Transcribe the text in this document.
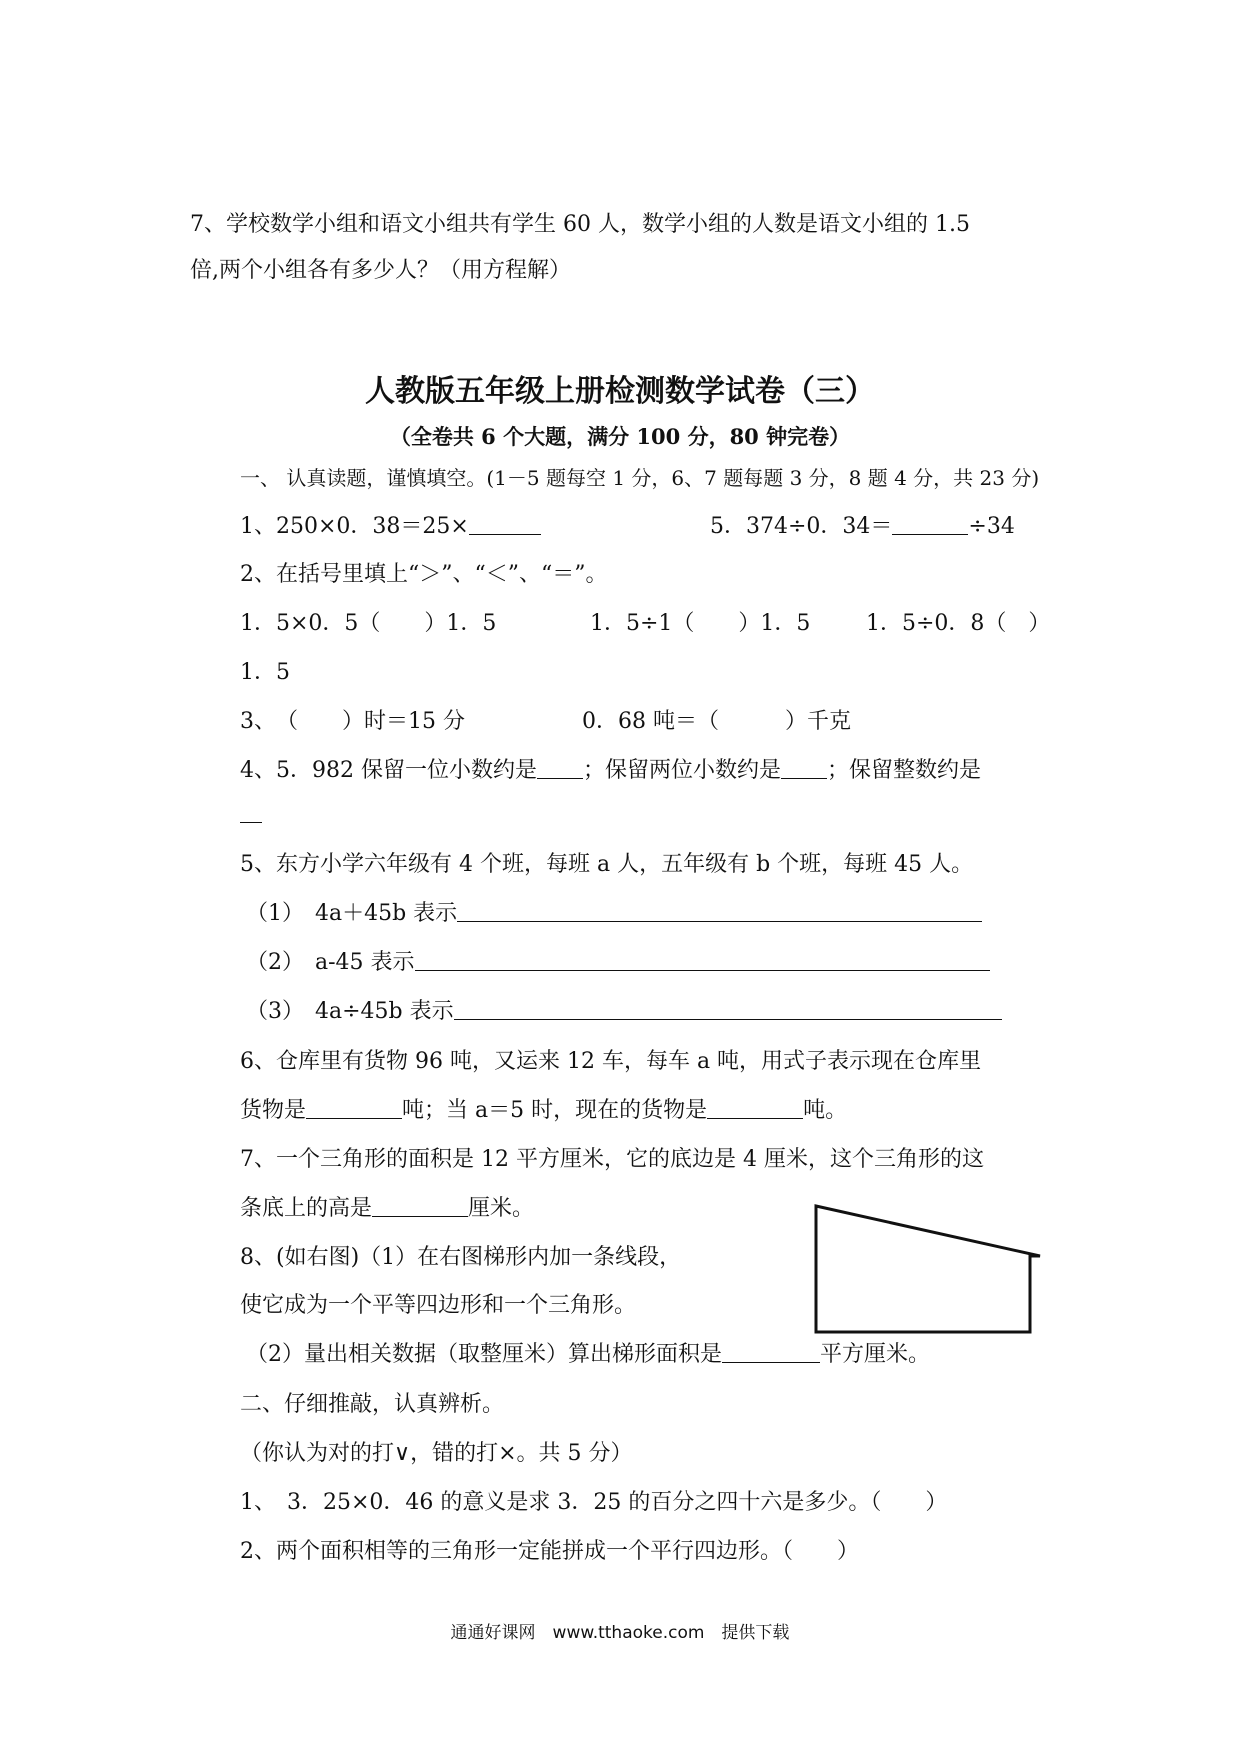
7、学校数学小组和语文小组共有学生 60 人，数学小组的人数是语文小组的 1.5
倍,两个小组各有多少人？（用方程解）
人教版五年级上册检测数学试卷（三）
（全卷共 6 个大题，满分 100 分，80 钟完卷）
一、 认真读题，谨慎填空。(1－5 题每空 1 分，6、7 题每题 3 分，8 题 4 分，共 23 分)
1、250×0．38＝25×	5．374÷0．34＝	÷34
2、在括号里填上“＞”、“＜”、“＝”。
1．5×0．5（　　）1．5	1．5÷1（　　）1．5	1．5÷0．8（　）
1．5
3、　（　　）时＝15 分	0．68 吨＝（　　　）千克
4、5．982 保留一位小数约是 ；保留两位小数约是 ；保留整数约是
5、东方小学六年级有 4 个班，每班 a 人，五年级有 b 个班，每班 45 人。
（1）　4a＋45b 表示
（2）　a-45 表示
（3）　4a÷45b 表示
6、仓库里有货物 96 吨，又运来 12 车，每车 a 吨，用式子表示现在仓库里
货物是	吨；当 a＝5 时，现在的货物是	吨。
7、一个三角形的面积是 12 平方厘米，它的底边是 4 厘米，这个三角形的这
条底上的高是	厘米。
8、(如右图)（1）在右图梯形内加一条线段，
使它成为一个平等四边形和一个三角形。
（2）量出相关数据（取整厘米）算出梯形面积是	平方厘米。
二、仔细推敲，认真辨析。
（你认为对的打∨，错的打×。共 5 分）
1、　3．25×0．46 的意义是求 3．25 的百分之四十六是多少。（　　）
2、两个面积相等的三角形一定能拼成一个平行四边形。（　　）
通通好课网　www.tthaoke.com　提供下载
